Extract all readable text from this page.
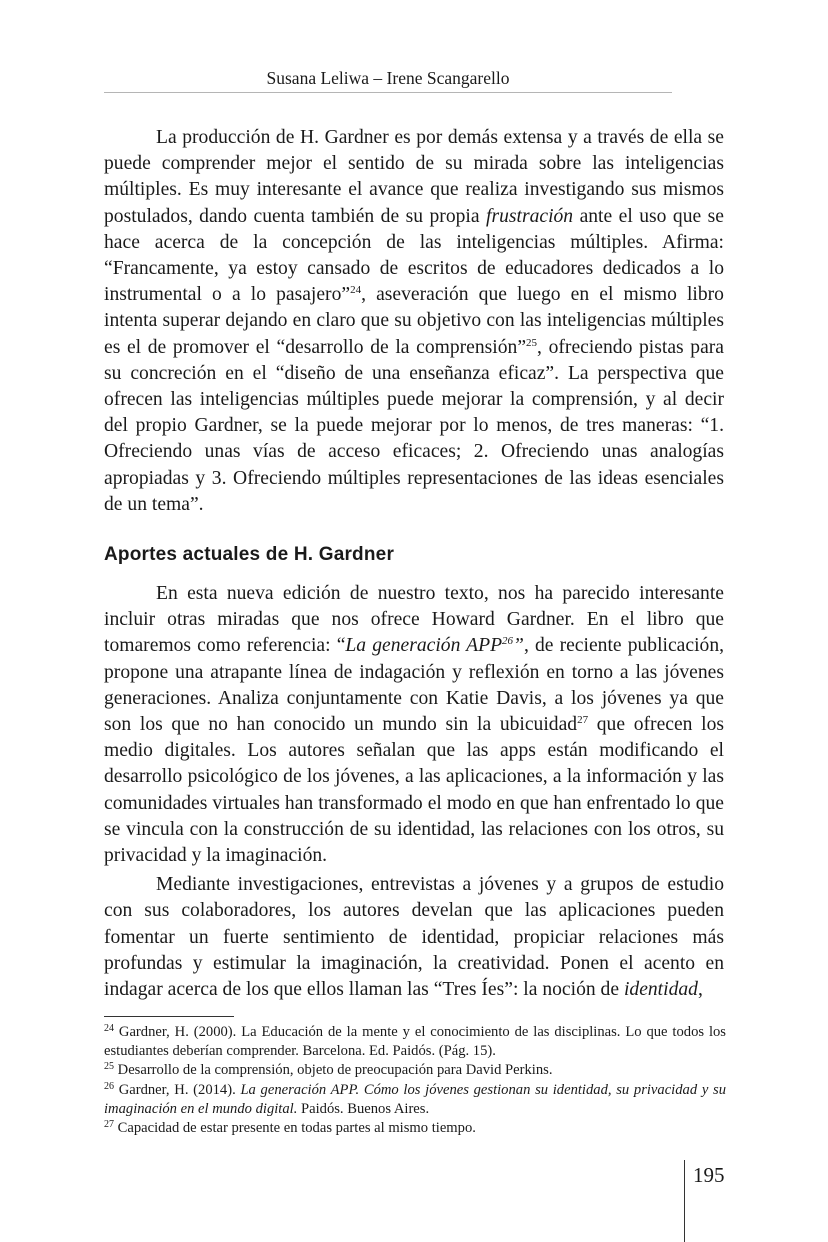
Susana Leliwa – Irene Scangarello

La producción de H. Gardner es por demás extensa y a través de ella se puede comprender mejor el sentido de su mirada sobre las inteligencias múltiples. Es muy interesante el avance que realiza investigando sus mismos postulados, dando cuenta también de su propia frustración ante el uso que se hace acerca de la concepción de las inteligencias múltiples. Afirma: “Francamente, ya estoy cansado de escritos de educadores dedicados a lo instrumental o a lo pasajero”$^{24}$, aseveración que luego en el mismo libro intenta superar dejando en claro que su objetivo con las inteligencias múltiples es el de promover el “desarrollo de la comprensión”$^{25}$, ofreciendo pistas para su concreción en el “diseño de una enseñanza eficaz”. La perspectiva que ofrecen las inteligencias múltiples puede mejorar la comprensión, y al decir del propio Gardner, se la puede mejorar por lo menos, de tres maneras: “1. Ofreciendo unas vías de acceso eficaces; 2. Ofreciendo unas analogías apropiadas y 3. Ofreciendo múltiples representaciones de las ideas esenciales de un tema”.

Aportes actuales de H. Gardner

En esta nueva edición de nuestro texto, nos ha parecido interesante incluir otras miradas que nos ofrece Howard Gardner. En el libro que tomaremos como referencia: “La generación APP$^{26}$”, de reciente publicación, propone una atrapante línea de indagación y reflexión en torno a las jóvenes generaciones. Analiza conjuntamente con Katie Davis, a los jóvenes ya que son los que no han conocido un mundo sin la ubicuidad$^{27}$ que ofrecen los medio digitales. Los autores señalan que las apps están modificando el desarrollo psicológico de los jóvenes, a las aplicaciones, a la información y las comunidades virtuales han transformado el modo en que han enfrentado lo que se vincula con la construcción de su identidad, las relaciones con los otros, su privacidad y la imaginación.

Mediante investigaciones, entrevistas a jóvenes y a grupos de estudio con sus colaboradores, los autores develan que las aplicaciones pueden fomentar un fuerte sentimiento de identidad, propiciar relaciones más profundas y estimular la imaginación, la creatividad. Ponen el acento en indagar acerca de los que ellos llaman las “Tres Íes”: la noción de identidad,

$^{24}$ Gardner, H. (2000). La Educación de la mente y el conocimiento de las disciplinas. Lo que todos los estudiantes deberían comprender. Barcelona. Ed. Paidós. (Pág. 15).

$^{25}$ Desarrollo de la comprensión, objeto de preocupación para David Perkins.

$^{26}$ Gardner, H. (2014). La generación APP. Cómo los jóvenes gestionan su identidad, su privacidad y su imaginación en el mundo digital. Paidós. Buenos Aires.

$^{27}$ Capacidad de estar presente en todas partes al mismo tiempo.

195
